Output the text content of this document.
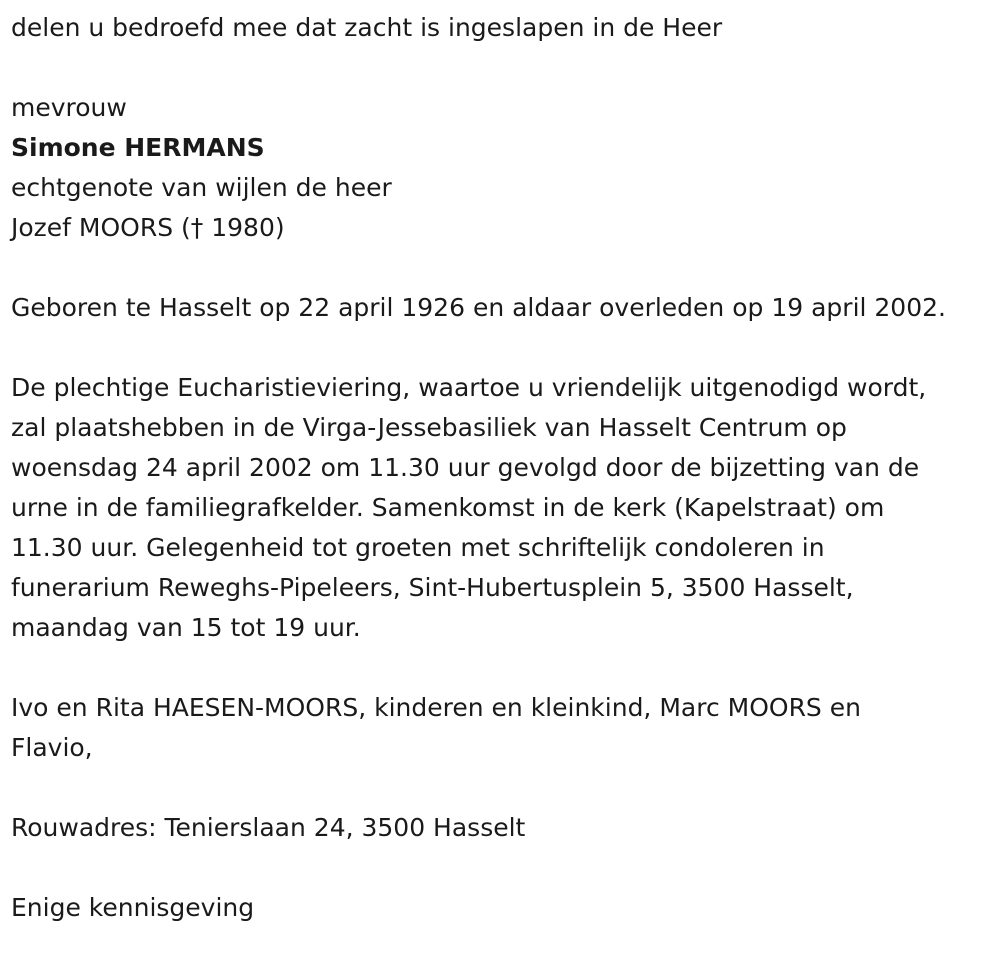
delen u bedroefd mee dat zacht is ingeslapen in de Heer

mevrouw

Simone HERMANS

echtgenote van wijlen de heer

Jozef MOORS († 1980)

Geboren te Hasselt op 22 april 1926 en aldaar overleden op 19 april 2002.

De plechtige Eucharistieviering, waartoe u vriendelijk uitgenodigd wordt,

zal plaatshebben in de Virga-Jessebasiliek van Hasselt Centrum op

woensdag 24 april 2002 om 11.30 uur gevolgd door de bijzetting van de

urne in de familiegrafkelder. Samenkomst in de kerk (Kapelstraat) om

11.30 uur. Gelegenheid tot groeten met schriftelijk condoleren in

funerarium Reweghs-Pipeleers, Sint-Hubertusplein 5, 3500 Hasselt,

maandag van 15 tot 19 uur.

Ivo en Rita HAESEN-MOORS, kinderen en kleinkind, Marc MOORS en

Flavio,

Rouwadres: Tenierslaan 24, 3500 Hasselt

Enige kennisgeving
